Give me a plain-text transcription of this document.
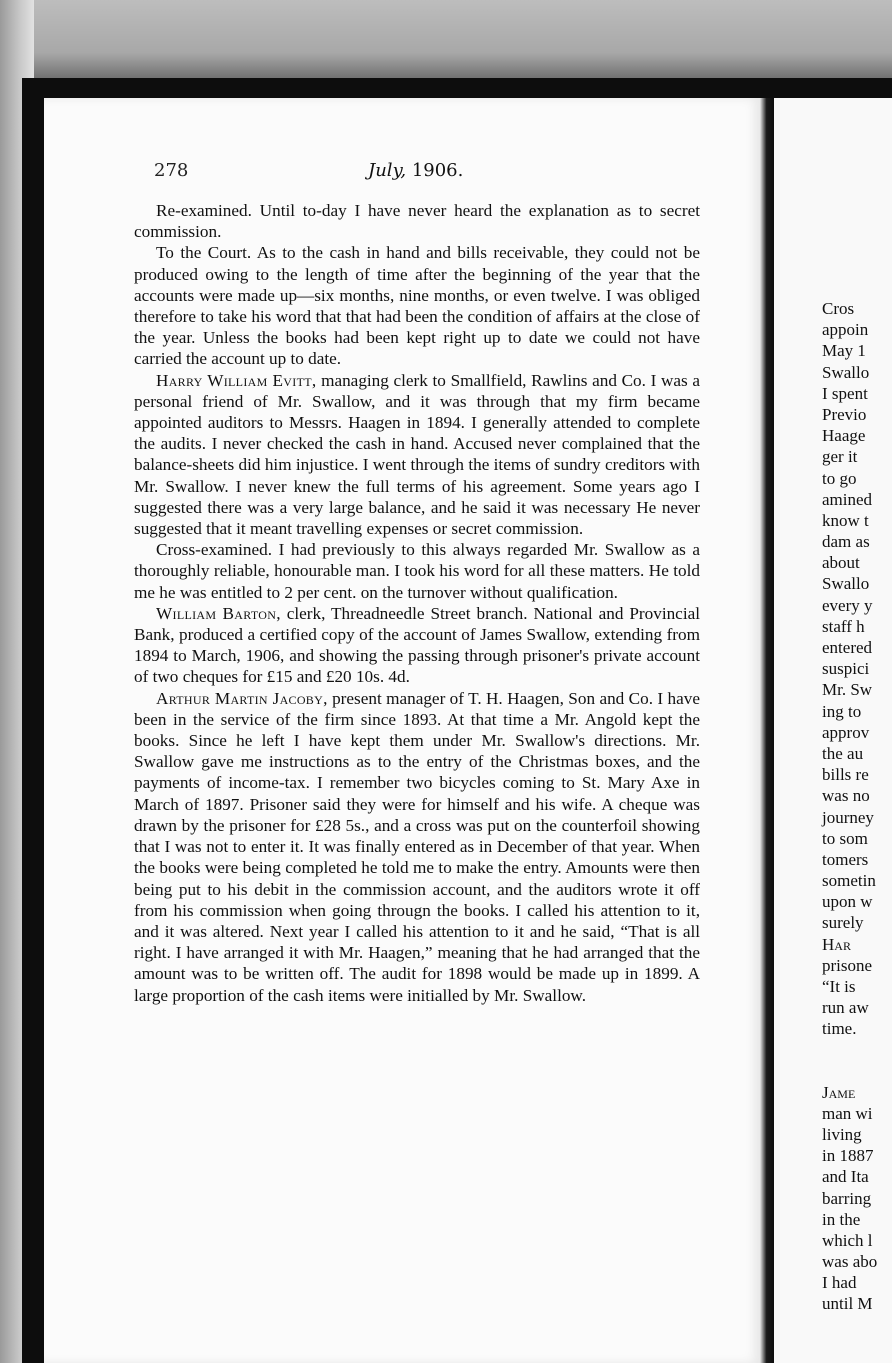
278	July, 1906.

Re-examined. Until to-day I have never heard the explanation as to secret commission.

To the Court. As to the cash in hand and bills receivable, they could not be produced owing to the length of time after the beginning of the year that the accounts were made up—six months, nine months, or even twelve. I was obliged therefore to take his word that that had been the condition of affairs at the close of the year. Unless the books had been kept right up to date we could not have carried the account up to date.

Harry William Evitt, managing clerk to Smallfield, Rawlins and Co. I was a personal friend of Mr. Swallow, and it was through that my firm became appointed auditors to Messrs. Haagen in 1894. I generally attended to complete the audits. I never checked the cash in hand. Accused never complained that the balance-sheets did him injustice. I went through the items of sundry creditors with Mr. Swallow. I never knew the full terms of his agreement. Some years ago I suggested there was a very large balance, and he said it was necessary He never suggested that it meant travelling expenses or secret commission.

Cross-examined. I had previously to this always regarded Mr. Swallow as a thoroughly reliable, honourable man. I took his word for all these matters. He told me he was entitled to 2 per cent. on the turnover without qualification.

William Barton, clerk, Threadneedle Street branch. National and Provincial Bank, produced a certified copy of the account of James Swallow, extending from 1894 to March, 1906, and showing the passing through prisoner's private account of two cheques for £15 and £20 10s. 4d.

Arthur Martin Jacoby, present manager of T. H. Haagen, Son and Co. I have been in the service of the firm since 1893. At that time a Mr. Angold kept the books. Since he left I have kept them under Mr. Swallow's directions. Mr. Swallow gave me instructions as to the entry of the Christmas boxes, and the payments of income-tax. I remember two bicycles coming to St. Mary Axe in March of 1897. Prisoner said they were for himself and his wife. A cheque was drawn by the prisoner for £28 5s., and a cross was put on the counterfoil showing that I was not to enter it. It was finally entered as in December of that year. When the books were being completed he told me to make the entry. Amounts were then being put to his debit in the commission account, and the auditors wrote it off from his commission when going througn the books. I called his attention to it, and it was altered. Next year I called his attention to it and he said, “That is all right. I have arranged it with Mr. Haagen,” meaning that he had arranged that the amount was to be written off. The audit for 1898 would be made up in 1899. A large proportion of the cash items were initialled by Mr. Swallow.

Cros
appoin
May 1
Swallo
I spent
Previo
Haage
ger it
to go
amined
know t
dam as
about
Swallo
every y
staff h
entered
suspici
Mr. Sw
ing to
approv
the au
bills re
was no
journey
to som
tomers
sometin
upon w
surely
Har
prisone
“It is
run aw
time.
Jame
man wi
living
in 1887
and Ita
barring
in the
which l
was abo
I had
until M
